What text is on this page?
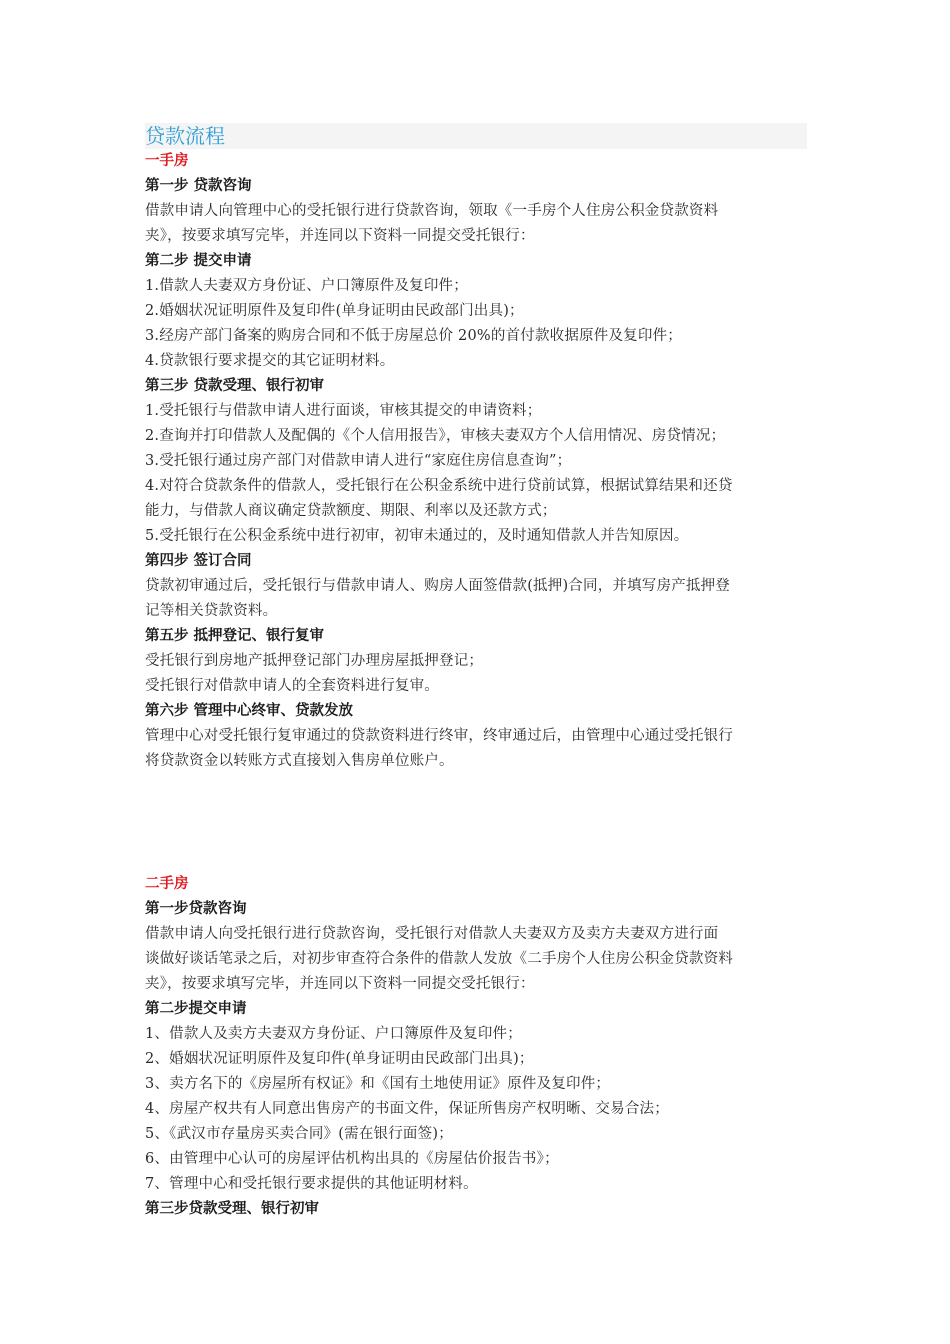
贷款流程
一手房
第一步 贷款咨询
借款申请人向管理中心的受托银行进行贷款咨询，领取《一手房个人住房公积金贷款资料
夹》，按要求填写完毕，并连同以下资料一同提交受托银行：
第二步 提交申请
1.借款人夫妻双方身份证、户口簿原件及复印件；
2.婚姻状况证明原件及复印件(单身证明由民政部门出具)；
3.经房产部门备案的购房合同和不低于房屋总价 20%的首付款收据原件及复印件；
4.贷款银行要求提交的其它证明材料。
第三步 贷款受理、银行初审
1.受托银行与借款申请人进行面谈，审核其提交的申请资料；
2.查询并打印借款人及配偶的《个人信用报告》，审核夫妻双方个人信用情况、房贷情况；
3.受托银行通过房产部门对借款申请人进行“家庭住房信息查询”；
4.对符合贷款条件的借款人，受托银行在公积金系统中进行贷前试算，根据试算结果和还贷
能力，与借款人商议确定贷款额度、期限、利率以及还款方式；
5.受托银行在公积金系统中进行初审，初审未通过的，及时通知借款人并告知原因。
第四步 签订合同
贷款初审通过后，受托银行与借款申请人、购房人面签借款(抵押)合同，并填写房产抵押登
记等相关贷款资料。
第五步 抵押登记、银行复审
受托银行到房地产抵押登记部门办理房屋抵押登记；
受托银行对借款申请人的全套资料进行复审。
第六步 管理中心终审、贷款发放
管理中心对受托银行复审通过的贷款资料进行终审，终审通过后，由管理中心通过受托银行
将贷款资金以转账方式直接划入售房单位账户。
二手房
第一步贷款咨询
借款申请人向受托银行进行贷款咨询，受托银行对借款人夫妻双方及卖方夫妻双方进行面
谈做好谈话笔录之后，对初步审查符合条件的借款人发放《二手房个人住房公积金贷款资料
夹》，按要求填写完毕，并连同以下资料一同提交受托银行：
第二步提交申请
1、借款人及卖方夫妻双方身份证、户口簿原件及复印件；
2、婚姻状况证明原件及复印件(单身证明由民政部门出具)；
3、卖方名下的《房屋所有权证》和《国有土地使用证》原件及复印件；
4、房屋产权共有人同意出售房产的书面文件，保证所售房产权明晰、交易合法；
5、《武汉市存量房买卖合同》(需在银行面签)；
6、由管理中心认可的房屋评估机构出具的《房屋估价报告书》；
7、管理中心和受托银行要求提供的其他证明材料。
第三步贷款受理、银行初审
